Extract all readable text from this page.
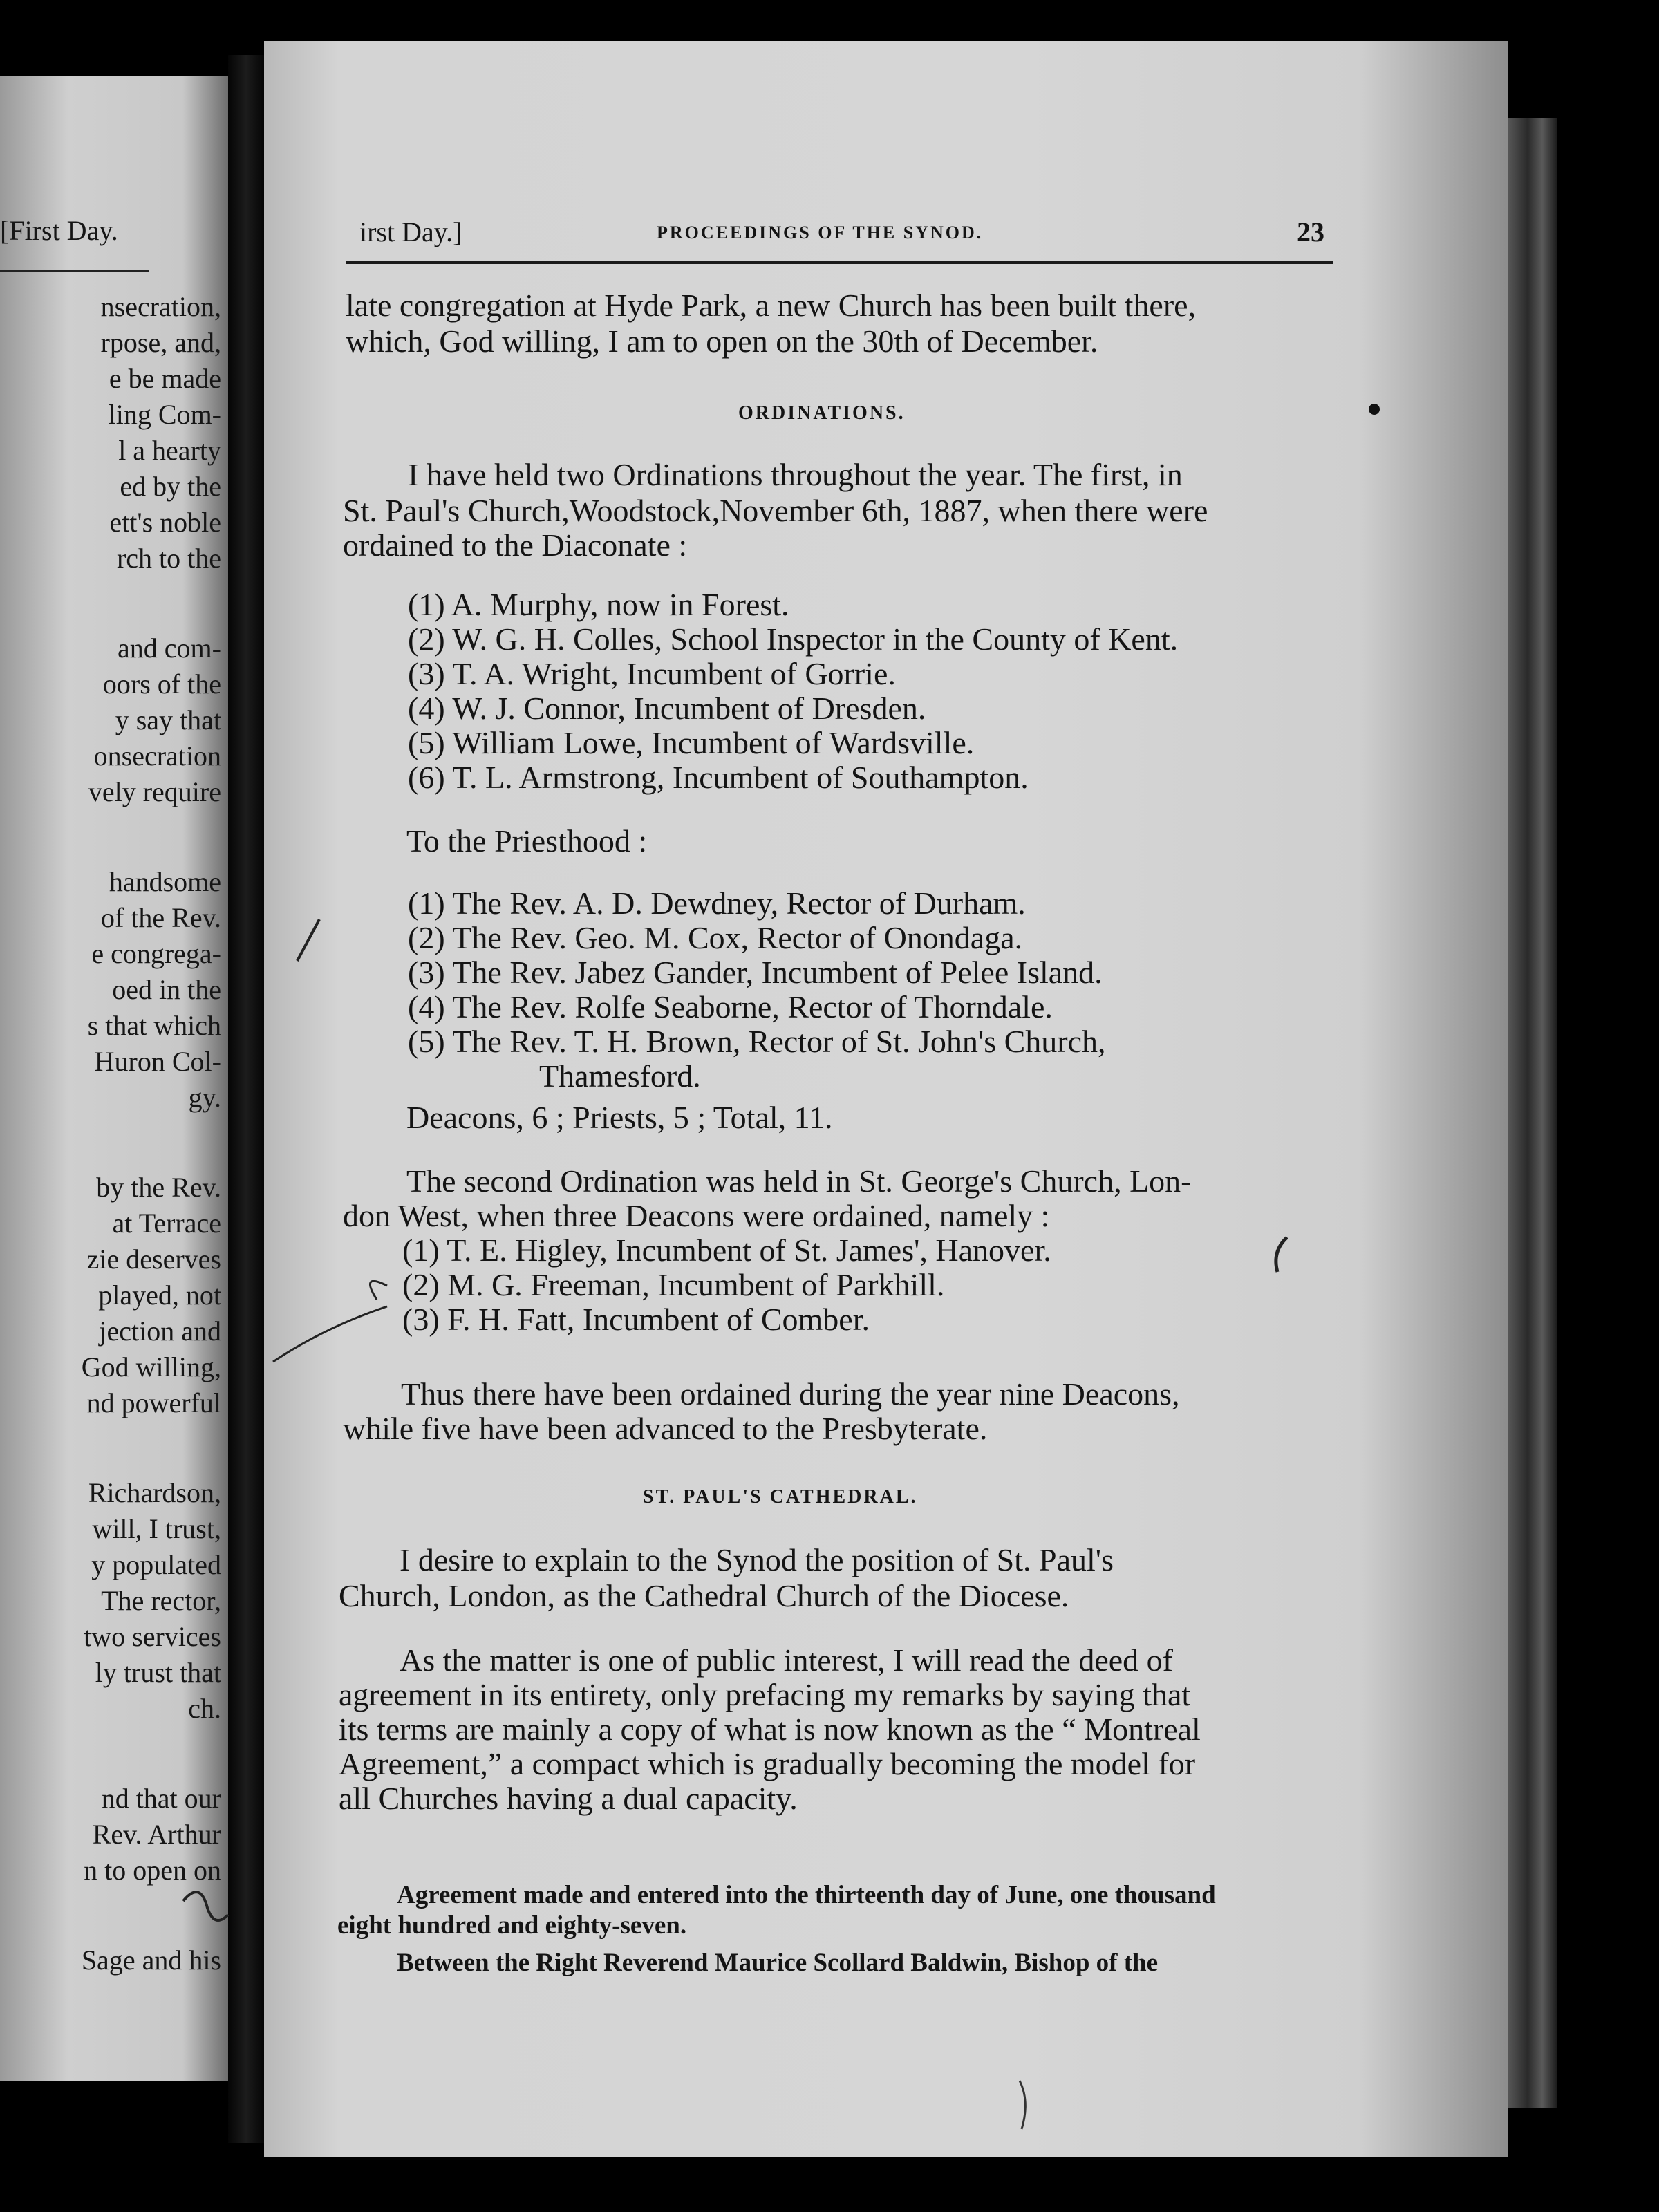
[First Day.
nsecration,
rpose, and,
e be made
ling Com-
l a hearty
ed by the
ett's noble
rch to the
and com-
oors of the
y say that
onsecration
vely require
handsome
of the Rev.
e congrega-
oed in the
s that which
Huron Col-
gy.
by the Rev.
at Terrace
zie deserves
played, not
jection and
God willing,
nd powerful
Richardson,
will, I trust,
y populated
The rector,
two services
ly trust that
ch.
nd that our
Rev. Arthur
n to open on
Sage and his
irst Day.]	PROCEEDINGS OF THE SYNOD.	23
late congregation at Hyde Park, a new Church has been built there,
which, God willing, I am to open on the 30th of December.
ORDINATIONS.
I have held two Ordinations throughout the year. The first, in
St. Paul's Church,Woodstock,November 6th, 1887, when there were
ordained to the Diaconate :
(1) A. Murphy, now in Forest.
(2) W. G. H. Colles, School Inspector in the County of Kent.
(3) T. A. Wright, Incumbent of Gorrie.
(4) W. J. Connor, Incumbent of Dresden.
(5) William Lowe, Incumbent of Wardsville.
(6) T. L. Armstrong, Incumbent of Southampton.
To the Priesthood :
(1) The Rev. A. D. Dewdney, Rector of Durham.
(2) The Rev. Geo. M. Cox, Rector of Onondaga.
(3) The Rev. Jabez Gander, Incumbent of Pelee Island.
(4) The Rev. Rolfe Seaborne, Rector of Thorndale.
(5) The Rev. T. H. Brown, Rector of St. John's Church,
Thamesford.
Deacons, 6 ; Priests, 5 ; Total, 11.
The second Ordination was held in St. George's Church, Lon-
don West, when three Deacons were ordained, namely :
(1) T. E. Higley, Incumbent of St. James', Hanover.
(2) M. G. Freeman, Incumbent of Parkhill.
(3) F. H. Fatt, Incumbent of Comber.
Thus there have been ordained during the year nine Deacons,
while five have been advanced to the Presbyterate.
ST. PAUL'S CATHEDRAL.
I desire to explain to the Synod the position of St. Paul's
Church, London, as the Cathedral Church of the Diocese.
As the matter is one of public interest, I will read the deed of
agreement in its entirety, only prefacing my remarks by saying that
its terms are mainly a copy of what is now known as the “ Montreal
Agreement,” a compact which is gradually becoming the model for
all Churches having a dual capacity.
Agreement made and entered into the thirteenth day of June, one thousand
eight hundred and eighty-seven.
Between the Right Reverend Maurice Scollard Baldwin, Bishop of the
